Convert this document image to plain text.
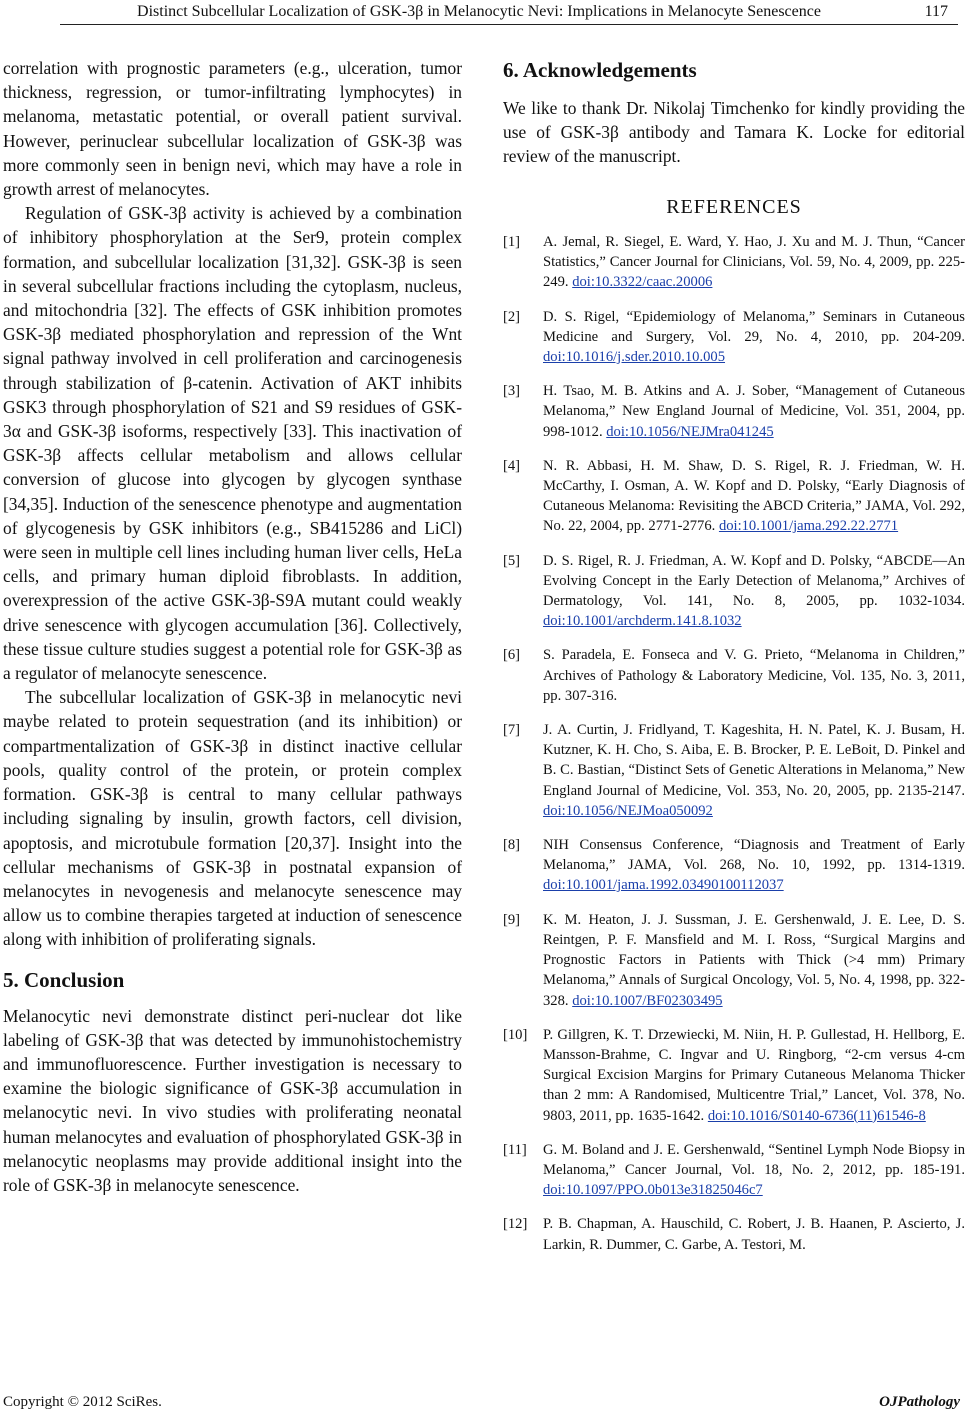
Distinct Subcellular Localization of GSK-3β in Melanocytic Nevi: Implications in Melanocyte Senescence	117

correlation with prognostic parameters (e.g., ulceration, tumor thickness, regression, or tumor-infiltrating lymphocytes) in melanoma, metastatic potential, or overall patient survival. However, perinuclear subcellular localization of GSK-3β was more commonly seen in benign nevi, which may have a role in growth arrest of melanocytes.

Regulation of GSK-3β activity is achieved by a combination of inhibitory phosphorylation at the Ser9, protein complex formation, and subcellular localization [31,32]. GSK-3β is seen in several subcellular fractions including the cytoplasm, nucleus, and mitochondria [32]. The effects of GSK inhibition promotes GSK-3β mediated phosphorylation and repression of the Wnt signal pathway involved in cell proliferation and carcinogenesis through stabilization of β-catenin. Activation of AKT inhibits GSK3 through phosphorylation of S21 and S9 residues of GSK-3α and GSK-3β isoforms, respectively [33]. This inactivation of GSK-3β affects cellular metabolism and allows cellular conversion of glucose into glycogen by glycogen synthase [34,35]. Induction of the senescence phenotype and augmentation of glycogenesis by GSK inhibitors (e.g., SB415286 and LiCl) were seen in multiple cell lines including human liver cells, HeLa cells, and primary human diploid fibroblasts. In addition, overexpression of the active GSK-3β-S9A mutant could weakly drive senescence with glycogen accumulation [36]. Collectively, these tissue culture studies suggest a potential role for GSK-3β as a regulator of melanocyte senescence.

The subcellular localization of GSK-3β in melanocytic nevi maybe related to protein sequestration (and its inhibition) or compartmentalization of GSK-3β in distinct inactive cellular pools, quality control of the protein, or protein complex formation. GSK-3β is central to many cellular pathways including signaling by insulin, growth factors, cell division, apoptosis, and microtubule formation [20,37]. Insight into the cellular mechanisms of GSK-3β in postnatal expansion of melanocytes in nevogenesis and melanocyte senescence may allow us to combine therapies targeted at induction of senescence along with inhibition of proliferating signals.

5. Conclusion

Melanocytic nevi demonstrate distinct peri-nuclear dot like labeling of GSK-3β that was detected by immunohistochemistry and immunofluorescence. Further investigation is necessary to examine the biologic significance of GSK-3β accumulation in melanocytic nevi. In vivo studies with proliferating neonatal human melanocytes and evaluation of phosphorylated GSK-3β in melanocytic neoplasms may provide additional insight into the role of GSK-3β in melanocyte senescence.

6. Acknowledgements

We like to thank Dr. Nikolaj Timchenko for kindly providing the use of GSK-3β antibody and Tamara K. Locke for editorial review of the manuscript.

REFERENCES
[1] A. Jemal, R. Siegel, E. Ward, Y. Hao, J. Xu and M. J. Thun, “Cancer Statistics,” Cancer Journal for Clinicians, Vol. 59, No. 4, 2009, pp. 225-249. doi:10.3322/caac.20006
[2] D. S. Rigel, “Epidemiology of Melanoma,” Seminars in Cutaneous Medicine and Surgery, Vol. 29, No. 4, 2010, pp. 204-209. doi:10.1016/j.sder.2010.10.005
[3] H. Tsao, M. B. Atkins and A. J. Sober, “Management of Cutaneous Melanoma,” New England Journal of Medicine, Vol. 351, 2004, pp. 998-1012. doi:10.1056/NEJMra041245
[4] N. R. Abbasi, H. M. Shaw, D. S. Rigel, R. J. Friedman, W. H. McCarthy, I. Osman, A. W. Kopf and D. Polsky, “Early Diagnosis of Cutaneous Melanoma: Revisiting the ABCD Criteria,” JAMA, Vol. 292, No. 22, 2004, pp. 2771-2776. doi:10.1001/jama.292.22.2771
[5] D. S. Rigel, R. J. Friedman, A. W. Kopf and D. Polsky, “ABCDE—An Evolving Concept in the Early Detection of Melanoma,” Archives of Dermatology, Vol. 141, No. 8, 2005, pp. 1032-1034. doi:10.1001/archderm.141.8.1032
[6] S. Paradela, E. Fonseca and V. G. Prieto, “Melanoma in Children,” Archives of Pathology & Laboratory Medicine, Vol. 135, No. 3, 2011, pp. 307-316.
[7] J. A. Curtin, J. Fridlyand, T. Kageshita, H. N. Patel, K. J. Busam, H. Kutzner, K. H. Cho, S. Aiba, E. B. Brocker, P. E. LeBoit, D. Pinkel and B. C. Bastian, “Distinct Sets of Genetic Alterations in Melanoma,” New England Journal of Medicine, Vol. 353, No. 20, 2005, pp. 2135-2147. doi:10.1056/NEJMoa050092
[8] NIH Consensus Conference, “Diagnosis and Treatment of Early Melanoma,” JAMA, Vol. 268, No. 10, 1992, pp. 1314-1319. doi:10.1001/jama.1992.03490100112037
[9] K. M. Heaton, J. J. Sussman, J. E. Gershenwald, J. E. Lee, D. S. Reintgen, P. F. Mansfield and M. I. Ross, “Surgical Margins and Prognostic Factors in Patients with Thick (>4 mm) Primary Melanoma,” Annals of Surgical Oncology, Vol. 5, No. 4, 1998, pp. 322-328. doi:10.1007/BF02303495
[10] P. Gillgren, K. T. Drzewiecki, M. Niin, H. P. Gullestad, H. Hellborg, E. Mansson-Brahme, C. Ingvar and U. Ringborg, “2-cm versus 4-cm Surgical Excision Margins for Primary Cutaneous Melanoma Thicker than 2 mm: A Randomised, Multicentre Trial,” Lancet, Vol. 378, No. 9803, 2011, pp. 1635-1642. doi:10.1016/S0140-6736(11)61546-8
[11] G. M. Boland and J. E. Gershenwald, “Sentinel Lymph Node Biopsy in Melanoma,” Cancer Journal, Vol. 18, No. 2, 2012, pp. 185-191. doi:10.1097/PPO.0b013e31825046c7
[12] P. B. Chapman, A. Hauschild, C. Robert, J. B. Haanen, P. Ascierto, J. Larkin, R. Dummer, C. Garbe, A. Testori, M.
Copyright © 2012 SciRes.	OJPathology
